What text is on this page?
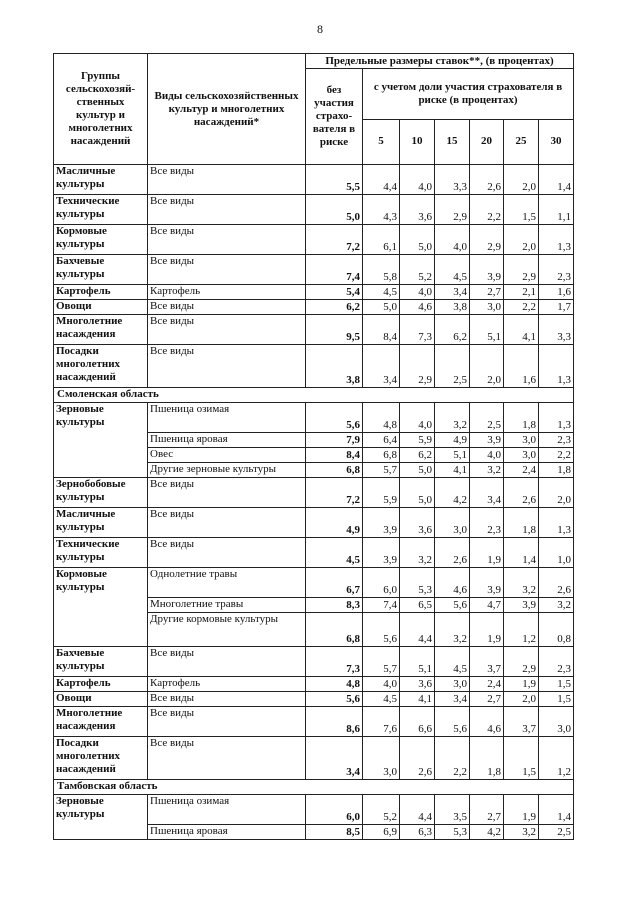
8
Группы сельскохозяй-ственных культур и многолетних насаждений	Виды сельскохозяйственных культур и многолетних насаждений*	Предельные размеры ставок**, (в процентах)						
		без участия страхо-вателя в риске	с учетом доли участия страхователя в риске (в процентах)					
			5	10	15	20	25	30
Масличные культуры	Все виды	5,5	4,4	4,0	3,3	2,6	2,0	1,4
Технические культуры	Все виды	5,0	4,3	3,6	2,9	2,2	1,5	1,1
Кормовые культуры	Все виды	7,2	6,1	5,0	4,0	2,9	2,0	1,3
Бахчевые культуры	Все виды	7,4	5,8	5,2	4,5	3,9	2,9	2,3
Картофель	Картофель	5,4	4,5	4,0	3,4	2,7	2,1	1,6
Овощи	Все виды	6,2	5,0	4,6	3,8	3,0	2,2	1,7
Многолетние насаждения	Все виды	9,5	8,4	7,3	6,2	5,1	4,1	3,3
Посадки многолетних насаждений	Все виды	3,8	3,4	2,9	2,5	2,0	1,6	1,3
Смоленская область								
Зерновые культуры	Пшеница озимая	5,6	4,8	4,0	3,2	2,5	1,8	1,3
	Пшеница яровая	7,9	6,4	5,9	4,9	3,9	3,0	2,3
	Овес	8,4	6,8	6,2	5,1	4,0	3,0	2,2
	Другие зерновые культуры	6,8	5,7	5,0	4,1	3,2	2,4	1,8
Зернобобовые культуры	Все виды	7,2	5,9	5,0	4,2	3,4	2,6	2,0
Масличные культуры	Все виды	4,9	3,9	3,6	3,0	2,3	1,8	1,3
Технические культуры	Все виды	4,5	3,9	3,2	2,6	1,9	1,4	1,0
Кормовые культуры	Однолетние травы	6,7	6,0	5,3	4,6	3,9	3,2	2,6
	Многолетние травы	8,3	7,4	6,5	5,6	4,7	3,9	3,2
	Другие кормовые культуры	6,8	5,6	4,4	3,2	1,9	1,2	0,8
Бахчевые культуры	Все виды	7,3	5,7	5,1	4,5	3,7	2,9	2,3
Картофель	Картофель	4,8	4,0	3,6	3,0	2,4	1,9	1,5
Овощи	Все виды	5,6	4,5	4,1	3,4	2,7	2,0	1,5
Многолетние насаждения	Все виды	8,6	7,6	6,6	5,6	4,6	3,7	3,0
Посадки многолетних насаждений	Все виды	3,4	3,0	2,6	2,2	1,8	1,5	1,2
Тамбовская область								
Зерновые культуры	Пшеница озимая	6,0	5,2	4,4	3,5	2,7	1,9	1,4
	Пшеница яровая	8,5	6,9	6,3	5,3	4,2	3,2	2,5
